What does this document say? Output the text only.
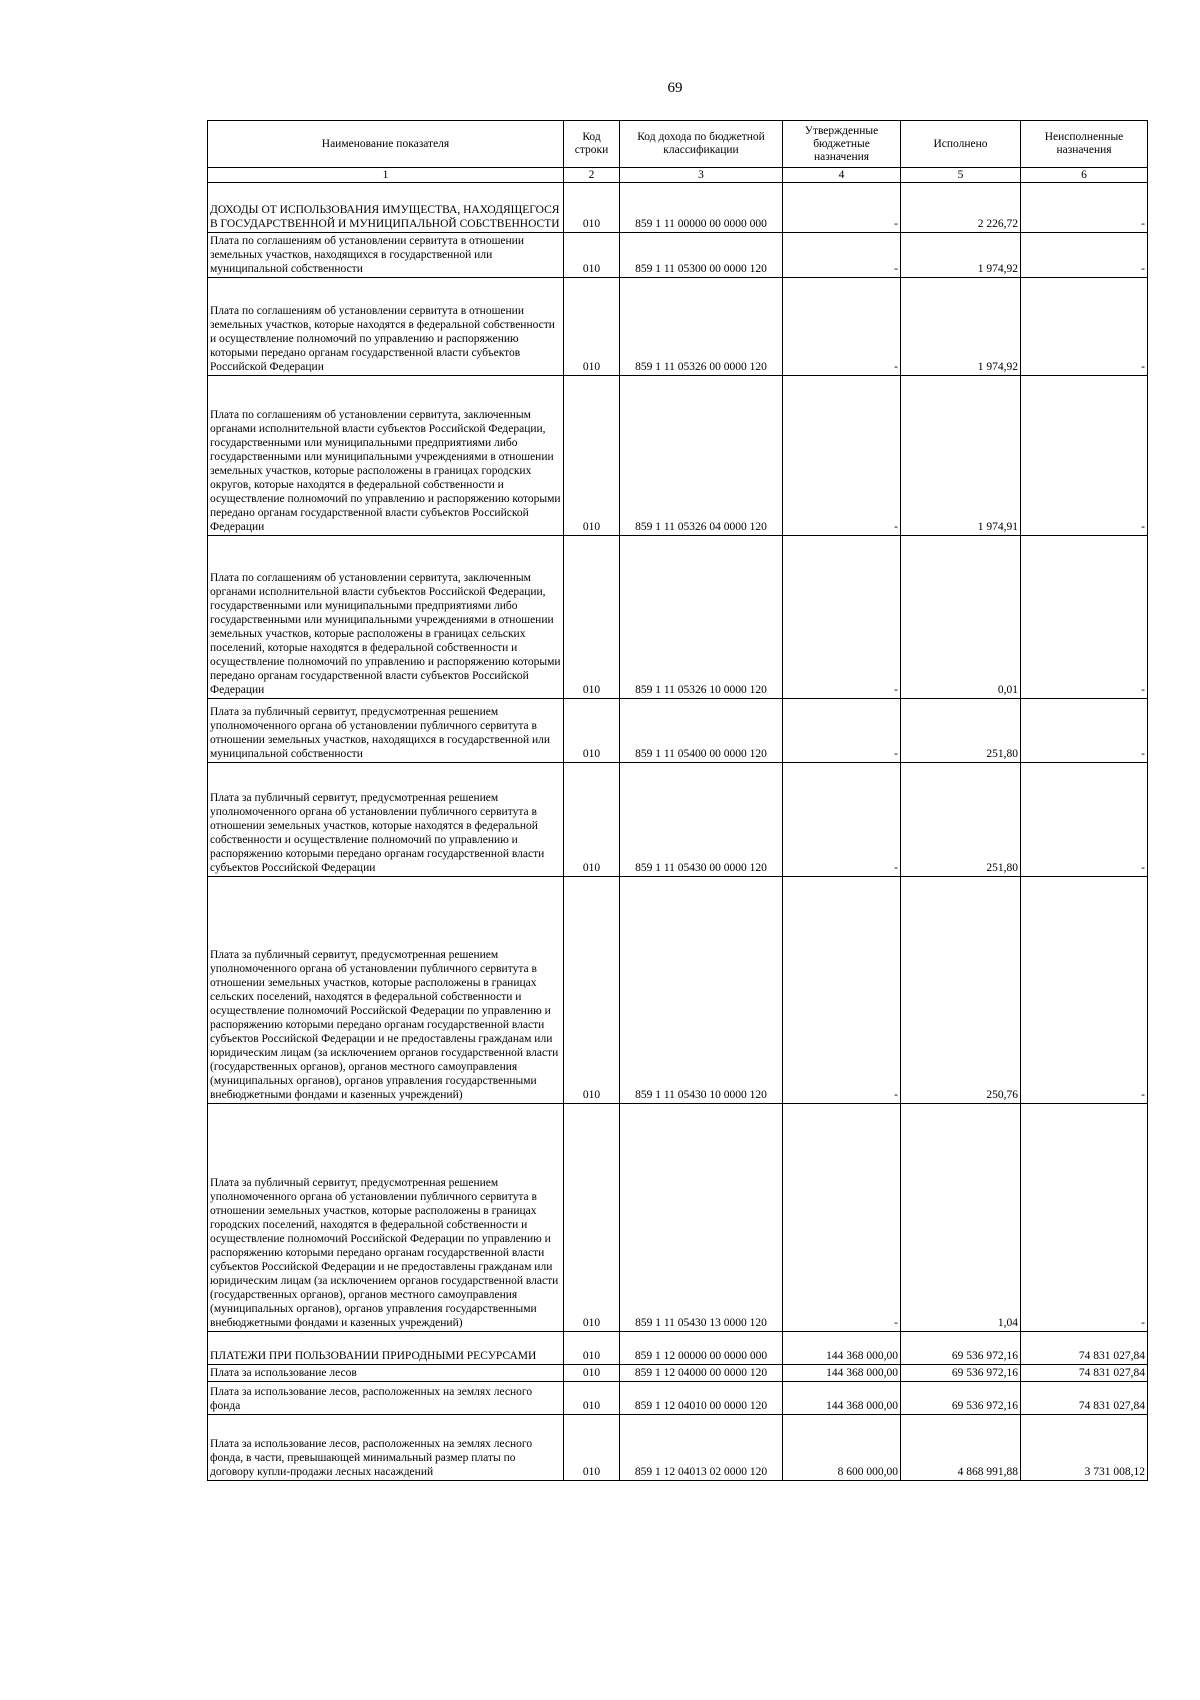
69
Наименование показателя	Код строки	Код дохода по бюджетной классификации	Утвержденные бюджетные назначения	Исполнено	Неисполненные назначения
1	2	3	4	5	6
ДОХОДЫ ОТ ИСПОЛЬЗОВАНИЯ ИМУЩЕСТВА, НАХОДЯЩЕГОСЯ В ГОСУДАРСТВЕННОЙ И МУНИЦИПАЛЬНОЙ СОБСТВЕННОСТИ	010	859 1 11 00000 00 0000 000	-	2 226,72	-
Плата по соглашениям об установлении сервитута в отношении земельных участков, находящихся в государственной или муниципальной собственности	010	859 1 11 05300 00 0000 120	-	1 974,92	-
Плата по соглашениям об установлении сервитута в отношении земельных участков, которые находятся в федеральной собственности и осуществление полномочий по управлению и распоряжению которыми передано органам государственной власти субъектов Российской Федерации	010	859 1 11 05326 00 0000 120	-	1 974,92	-
Плата по соглашениям об установлении сервитута, заключенным органами исполнительной власти субъектов Российской Федерации, государственными или муниципальными предприятиями либо государственными или муниципальными учреждениями в отношении земельных участков, которые расположены в границах городских округов, которые находятся в федеральной собственности и осуществление полномочий по управлению и распоряжению которыми передано органам государственной власти субъектов Российской Федерации	010	859 1 11 05326 04 0000 120	-	1 974,91	-
Плата по соглашениям об установлении сервитута, заключенным органами исполнительной власти субъектов Российской Федерации, государственными или муниципальными предприятиями либо государственными или муниципальными учреждениями в отношении земельных участков, которые расположены в границах сельских поселений, которые находятся в федеральной собственности и осуществление полномочий по управлению и распоряжению которыми передано органам государственной власти субъектов Российской Федерации	010	859 1 11 05326 10 0000 120	-	0,01	-
Плата за публичный сервитут, предусмотренная решением уполномоченного органа об установлении публичного сервитута в отношении земельных участков, находящихся в государственной или муниципальной собственности	010	859 1 11 05400 00 0000 120	-	251,80	-
Плата за публичный сервитут, предусмотренная решением уполномоченного органа об установлении публичного сервитута в отношении земельных участков, которые находятся в федеральной собственности и осуществление полномочий по управлению и распоряжению которыми передано органам государственной власти субъектов Российской Федерации	010	859 1 11 05430 00 0000 120	-	251,80	-
Плата за публичный сервитут, предусмотренная решением уполномоченного органа об установлении публичного сервитута в отношении земельных участков, которые расположены в границах сельских поселений, находятся в федеральной собственности и осуществление полномочий Российской Федерации по управлению и распоряжению которыми передано органам государственной власти субъектов Российской Федерации и не предоставлены гражданам или юридическим лицам (за исключением органов государственной власти (государственных органов), органов местного самоуправления (муниципальных органов), органов управления государственными внебюджетными фондами и казенных учреждений)	010	859 1 11 05430 10 0000 120	-	250,76	-
Плата за публичный сервитут, предусмотренная решением уполномоченного органа об установлении публичного сервитута в отношении земельных участков, которые расположены в границах городских поселений, находятся в федеральной собственности и осуществление полномочий Российской Федерации по управлению и распоряжению которыми передано органам государственной власти субъектов Российской Федерации и не предоставлены гражданам или юридическим лицам (за исключением органов государственной власти (государственных органов), органов местного самоуправления (муниципальных органов), органов управления государственными внебюджетными фондами и казенных учреждений)	010	859 1 11 05430 13 0000 120	-	1,04	-
ПЛАТЕЖИ ПРИ ПОЛЬЗОВАНИИ ПРИРОДНЫМИ РЕСУРСАМИ	010	859 1 12 00000 00 0000 000	144 368 000,00	69 536 972,16	74 831 027,84
Плата за использование лесов	010	859 1 12 04000 00 0000 120	144 368 000,00	69 536 972,16	74 831 027,84
Плата за использование лесов, расположенных на землях лесного фонда	010	859 1 12 04010 00 0000 120	144 368 000,00	69 536 972,16	74 831 027,84
Плата за использование лесов, расположенных на землях лесного фонда, в части, превышающей минимальный размер платы по договору купли-продажи лесных насаждений	010	859 1 12 04013 02 0000 120	8 600 000,00	4 868 991,88	3 731 008,12
